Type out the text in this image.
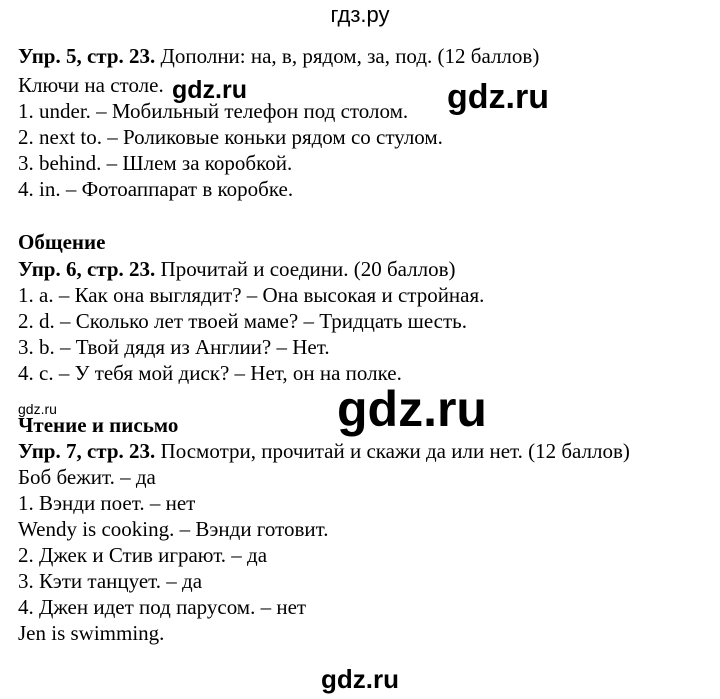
гдз.ру
Упр. 5, стр. 23. Дополни: на, в, рядом, за, под. (12 баллов)
Ключи на столе.
1. under. – Мобильный телефон под столом.
2. next to. – Роликовые коньки рядом со стулом.
3. behind. – Шлем за коробкой.
4. in. – Фотоаппарат в коробке.
Общение
Упр. 6, стр. 23. Прочитай и соедини. (20 баллов)
1. a. – Как она выглядит? – Она высокая и стройная.
2. d. – Сколько лет твоей маме? – Тридцать шесть.
3. b. – Твой дядя из Англии? – Нет.
4. c. – У тебя мой диск? – Нет, он на полке.
gdz.ru
Чтение и письмо
Упр. 7, стр. 23. Посмотри, прочитай и скажи да или нет. (12 баллов)
Боб бежит. – да
1. Вэнди поет. – нет
Wendy is cooking. – Вэнди готовит.
2. Джек и Стив играют. – да
3. Кэти танцует. – да
4. Джен идет под парусом. – нет
Jen is swimming.
gdz.ru	gdz.ru
gdz.ru
gdz.ru
